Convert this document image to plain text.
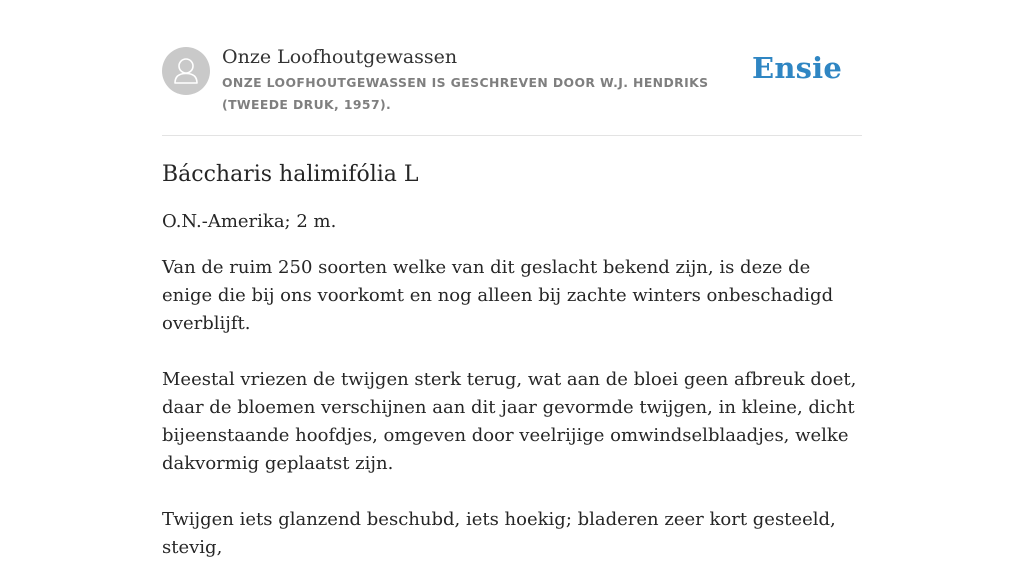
Onze Loofhoutgewassen
ONZE LOOFHOUTGEWASSEN IS GESCHREVEN DOOR W.J. HENDRIKS (TWEEDE DRUK, 1957).
Ensie
Báccharis halimifólia L

O.N.-Amerika; 2 m.

Van de ruim 250 soorten welke van dit geslacht bekend zijn, is deze de enige die bij ons voorkomt en nog alleen bij zachte winters onbeschadigd overblijft.

Meestal vriezen de twijgen sterk terug, wat aan de bloei geen afbreuk doet, daar de bloemen verschijnen aan dit jaar gevormde twijgen, in kleine, dicht bijeenstaande hoofdjes, omgeven door veelrijige omwindselblaadjes, welke dakvormig geplaatst zijn.

Twijgen iets glanzend beschubd, iets hoekig; bladeren zeer kort gesteeld, stevig,
